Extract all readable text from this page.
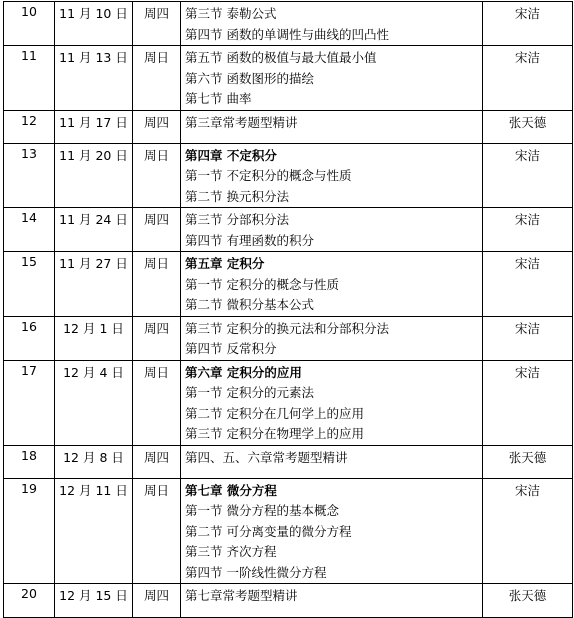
10	11 月 10 日	周四	第三节 泰勒公式
第四节 函数的单调性与曲线的凹凸性	宋洁
11	11 月 13 日	周日	第五节 函数的极值与最大值最小值
第六节 函数图形的描绘
第七节 曲率	宋洁
12	11 月 17 日	周四	第三章常考题型精讲	张天德
13	11 月 20 日	周日	第四章 不定积分
第一节 不定积分的概念与性质
第二节 换元积分法	宋洁
14	11 月 24 日	周四	第三节 分部积分法
第四节 有理函数的积分	宋洁
15	11 月 27 日	周日	第五章 定积分
第一节 定积分的概念与性质
第二节 微积分基本公式	宋洁
16	12 月 1 日	周四	第三节 定积分的换元法和分部积分法
第四节 反常积分	宋洁
17	12 月 4 日	周日	第六章 定积分的应用
第一节 定积分的元素法
第二节 定积分在几何学上的应用
第三节 定积分在物理学上的应用	宋洁
18	12 月 8 日	周四	第四、五、六章常考题型精讲	张天德
19	12 月 11 日	周日	第七章 微分方程
第一节 微分方程的基本概念
第二节 可分离变量的微分方程
第三节 齐次方程
第四节 一阶线性微分方程	宋洁
20	12 月 15 日	周四	第七章常考题型精讲	张天德
